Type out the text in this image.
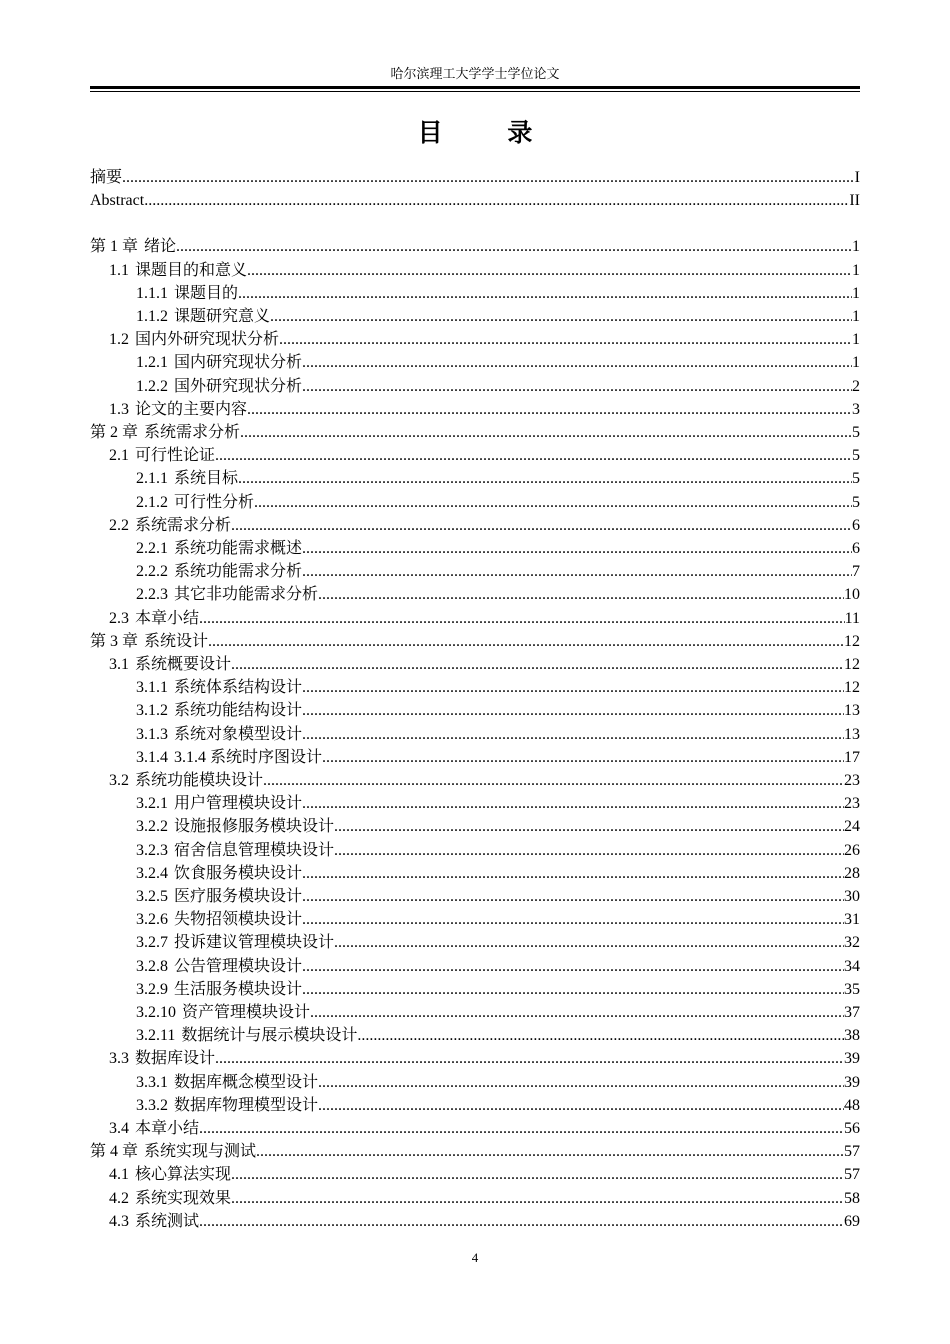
哈尔滨理工大学学士学位论文
目 录
摘要 .....	I
Abstract .....	II
第 1 章 绪论 .....	1
1.1 课题目的和意义 .....	1
1.1.1 课题目的 .....	1
1.1.2 课题研究意义 .....	1
1.2 国内外研究现状分析 .....	1
1.2.1 国内研究现状分析 .....	1
1.2.2 国外研究现状分析 .....	2
1.3 论文的主要内容 .....	3
第 2 章 系统需求分析 .....	5
2.1 可行性论证 .....	5
2.1.1 系统目标 .....	5
2.1.2 可行性分析 .....	5
2.2 系统需求分析 .....	6
2.2.1 系统功能需求概述 .....	6
2.2.2 系统功能需求分析 .....	7
2.2.3 其它非功能需求分析 .....	10
2.3 本章小结 .....	11
第 3 章 系统设计 .....	12
3.1 系统概要设计 .....	12
3.1.1 系统体系结构设计 .....	12
3.1.2 系统功能结构设计 .....	13
3.1.3 系统对象模型设计 .....	13
3.1.4 3.1.4 系统时序图设计 .....	17
3.2 系统功能模块设计 .....	23
3.2.1 用户管理模块设计 .....	23
3.2.2 设施报修服务模块设计 .....	24
3.2.3 宿舍信息管理模块设计 .....	26
3.2.4 饮食服务模块设计 .....	28
3.2.5 医疗服务模块设计 .....	30
3.2.6 失物招领模块设计 .....	31
3.2.7 投诉建议管理模块设计 .....	32
3.2.8 公告管理模块设计 .....	34
3.2.9 生活服务模块设计 .....	35
3.2.10 资产管理模块设计 .....	37
3.2.11 数据统计与展示模块设计 .....	38
3.3 数据库设计 .....	39
3.3.1 数据库概念模型设计 .....	39
3.3.2 数据库物理模型设计 .....	48
3.4 本章小结 .....	56
第 4 章 系统实现与测试 .....	57
4.1 核心算法实现 .....	57
4.2 系统实现效果 .....	58
4.3 系统测试 .....	69
4
